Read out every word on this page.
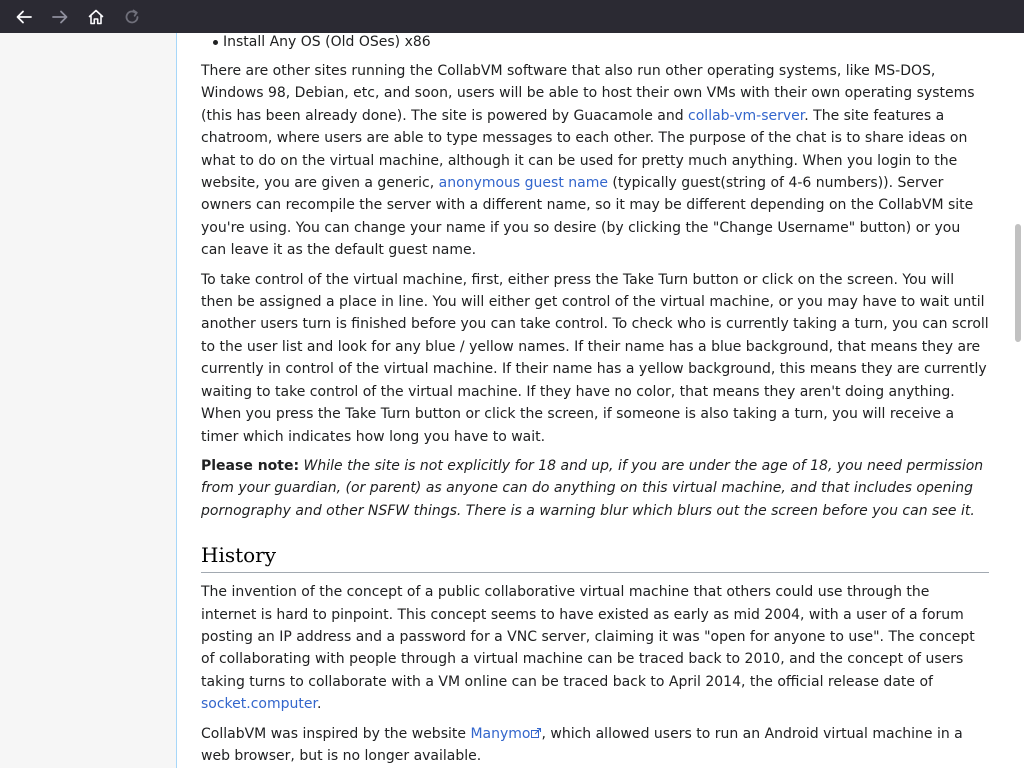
Install Any OS (Old OSes) x86

There are other sites running the CollabVM software that also run other operating systems, like MS-DOS, Windows 98, Debian, etc, and soon, users will be able to host their own VMs with their own operating systems (this has been already done). The site is powered by Guacamole and collab-vm-server. The site features a chatroom, where users are able to type messages to each other. The purpose of the chat is to share ideas on what to do on the virtual machine, although it can be used for pretty much anything. When you login to the website, you are given a generic, anonymous guest name (typically guest(string of 4-6 numbers)). Server owners can recompile the server with a different name, so it may be different depending on the CollabVM site you're using. You can change your name if you so desire (by clicking the "Change Username" button) or you can leave it as the default guest name.

To take control of the virtual machine, first, either press the Take Turn button or click on the screen. You will then be assigned a place in line. You will either get control of the virtual machine, or you may have to wait until another users turn is finished before you can take control. To check who is currently taking a turn, you can scroll to the user list and look for any blue / yellow names. If their name has a blue background, that means they are currently in control of the virtual machine. If their name has a yellow background, this means they are currently waiting to take control of the virtual machine. If they have no color, that means they aren't doing anything. When you press the Take Turn button or click the screen, if someone is also taking a turn, you will receive a timer which indicates how long you have to wait.

Please note: While the site is not explicitly for 18 and up, if you are under the age of 18, you need permission from your guardian, (or parent) as anyone can do anything on this virtual machine, and that includes opening pornography and other NSFW things. There is a warning blur which blurs out the screen before you can see it.

History

The invention of the concept of a public collaborative virtual machine that others could use through the internet is hard to pinpoint. This concept seems to have existed as early as mid 2004, with a user of a forum posting an IP address and a password for a VNC server, claiming it was "open for anyone to use". The concept of collaborating with people through a virtual machine can be traced back to 2010, and the concept of users taking turns to collaborate with a VM online can be traced back to April 2014, the official release date of socket.computer.

CollabVM was inspired by the website Manymo , which allowed users to run an Android virtual machine in a web browser, but is no longer available.
